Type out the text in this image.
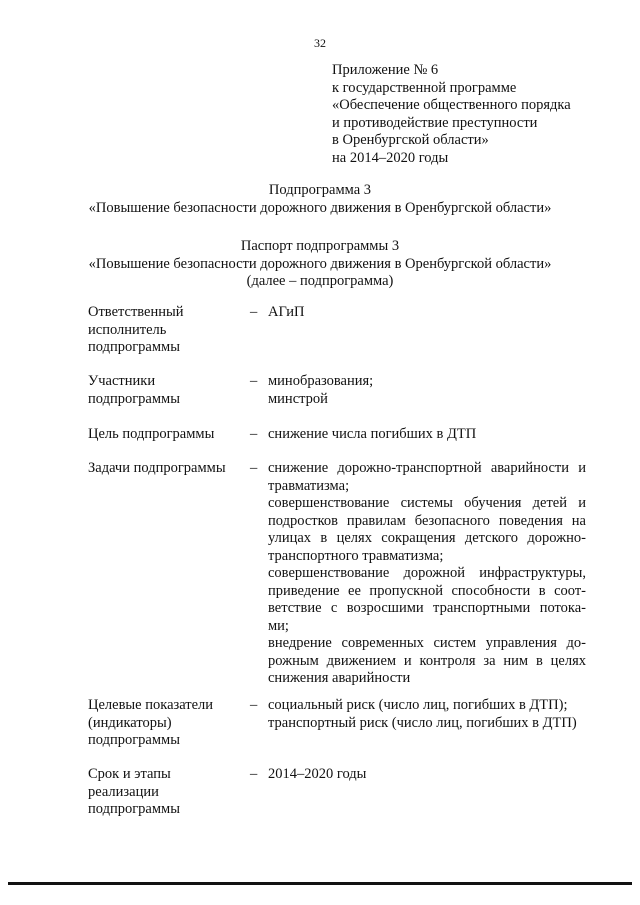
32
Приложение № 6
к государственной программе
«Обеспечение общественного порядка
и противодействие преступности
в Оренбургской области»
на 2014–2020 годы
Подпрограмма 3
«Повышение безопасности дорожного движения в Оренбургской области»
Паспорт подпрограммы 3
«Повышение безопасности дорожного движения в Оренбургской области»
(далее – подпрограмма)
Ответственный
исполнитель
подпрограммы
– АГиП
Участники
подпрограммы
– минобразования;
минстрой
Цель подпрограммы	– снижение числа погибших в ДТП
Задачи подпрограммы	– снижение дорожно-транспортной аварийности и
травматизма;
совершенствование системы обучения детей и
подростков правилам безопасного поведения на
улицах в целях сокращения детского дорожно-
транспортного травматизма;
совершенствование дорожной инфраструктуры,
приведение ее пропускной способности в соот-
ветствие с возросшими транспортными потока-
ми;
внедрение современных систем управления до-
рожным движением и контроля за ним в целях
снижения аварийности
Целевые показатели
(индикаторы)
подпрограммы
– социальный риск (число лиц, погибших в ДТП);
транспортный риск (число лиц, погибших в ДТП)
Срок и этапы
реализации
подпрограммы
– 2014–2020 годы
